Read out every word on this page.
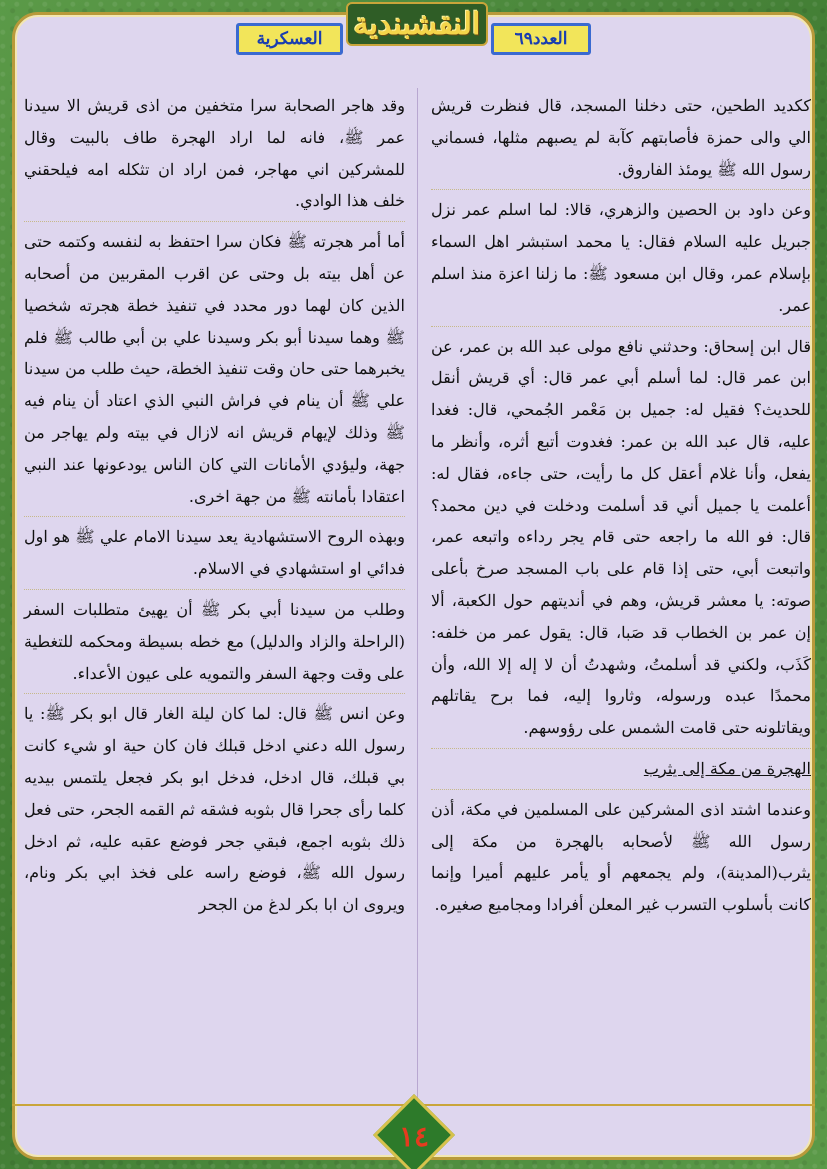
العسكرية	النقشبندية	العدد٦٩

ككديد الطحين، حتى دخلنا المسجد، قال فنظرت قريش الي والى حمزة فأصابتهم كآبة لم يصبهم مثلها، فسماني رسول الله ﷺ يومئذ الفاروق.

وعن داود بن الحصين والزهري، قالا: لما اسلم عمر نزل جبريل عليه السلام فقال: يا محمد استبشر اهل السماء بإسلام عمر، وقال ابن مسعود ﷺ: ما زلنا اعزة منذ اسلم عمر.

قال ابن إسحاق: وحدثني نافع مولى عبد الله بن عمر، عن ابن عمر قال: لما أسلم أبي عمر قال: أي قريش أنقل للحديث؟ فقيل له: جميل بن مَعْمر الجُمحي، قال: فغدا عليه، قال عبد الله بن عمر: فغدوت أتبع أثره، وأنظر ما يفعل، وأنا غلام أعقل كل ما رأيت، حتى جاءه، فقال له: أعلمت يا جميل أني قد أسلمت ودخلت في دين محمد؟ قال: فو الله ما راجعه حتى قام يجر رداءه واتبعه عمر، واتبعت أبي، حتى إذا قام على باب المسجد صرخ بأعلى صوته: يا معشر قريش، وهم في أنديتهم حول الكعبة، ألا إن عمر بن الخطاب قد صَبا، قال: يقول عمر من خلفه: كَذَب، ولكني قد أسلمتُ، وشهدتُ أن لا إله إلا الله، وأن محمدًا عبده ورسوله، وثاروا إليه، فما برح يقاتلهم ويقاتلونه حتى قامت الشمس على رؤوسهم.

الهجرة من مكة إلى يثرب

وعندما اشتد اذى المشركين على المسلمين في مكة، أذن رسول الله ﷺ لأصحابه بالهجرة من مكة إلى يثرب(المدينة)، ولم يجمعهم أو يأمر عليهم أميرا وإنما كانت بأسلوب التسرب غير المعلن أفرادا ومجاميع صغيره.

وقد هاجر الصحابة سرا متخفين من اذى قريش الا سيدنا عمر ﷺ، فانه لما اراد الهجرة طاف بالبيت وقال للمشركين اني مهاجر، فمن اراد ان تثكله امه فيلحقني خلف هذا الوادي.

أما أمر هجرته ﷺ فكان سرا احتفظ به لنفسه وكتمه حتى عن أهل بيته بل وحتى عن اقرب المقربين من أصحابه الذين كان لهما دور محدد في تنفيذ خطة هجرته شخصيا ﷺ وهما سيدنا أبو بكر وسيدنا علي بن أبي طالب ﷺ فلم يخبرهما حتى حان وقت تنفيذ الخطة، حيث طلب من سيدنا علي ﷺ أن ينام في فراش النبي الذي اعتاد أن ينام فيه ﷺ وذلك لإيهام قريش انه لازال في بيته ولم يهاجر من جهة، وليؤدي الأمانات التي كان الناس يودعونها عند النبي اعتقادا بأمانته ﷺ من جهة اخرى.

وبهذه الروح الاستشهادية يعد سيدنا الامام علي ﷺ هو اول فدائي او استشهادي في الاسلام.

وطلب من سيدنا أبي بكر ﷺ أن يهيئ متطلبات السفر (الراحلة والزاد والدليل) مع خطه بسيطة ومحكمه للتغطية على وقت وجهة السفر والتمويه على عيون الأعداء.

وعن انس ﷺ قال: لما كان ليلة الغار قال ابو بكر ﷺ: يا رسول الله دعني ادخل قبلك فان كان حية او شيء كانت بي قبلك، قال ادخل، فدخل ابو بكر فجعل يلتمس بيديه كلما رأى جحرا قال بثوبه فشقه ثم القمه الجحر، حتى فعل ذلك بثوبه اجمع، فبقي جحر فوضع عقبه عليه، ثم ادخل رسول الله ﷺ، فوضع راسه على فخذ ابي بكر ونام، ويروى ان ابا بكر لدغ من الجحر

١٤
